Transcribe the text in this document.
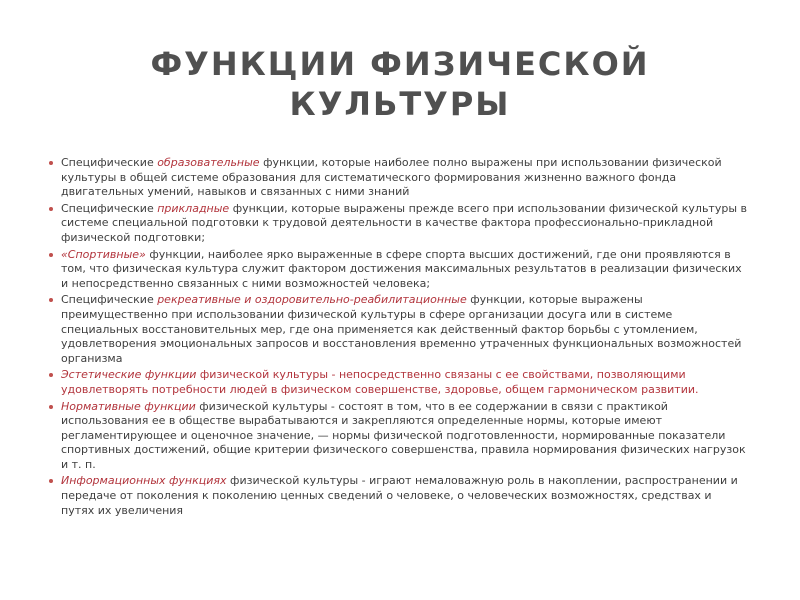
ФУНКЦИИ ФИЗИЧЕСКОЙ
КУЛЬТУРЫ
Специфические образовательные функции, которые наиболее полно выражены при использовании физической культуры в общей системе образования для систематического формирования жизненно важного фонда двигательных умений, навыков и связанных с ними знаний
Специфические прикладные функции, которые выражены прежде всего при использовании физической культуры в системе специальной подготовки к трудовой деятельности в качестве фактора профессионально-прикладной физической подготовки;
«Спортивные» функции, наиболее ярко выраженные в сфере спорта высших достижений, где они проявляются в том, что физическая культура служит фактором достижения максимальных результатов в реализации физических и непосредственно связанных с ними возможностей человека;
Специфические рекреативные и оздоровительно-реабилитационные функции, которые выражены преимущественно при использовании физической культуры в сфере организации досуга или в системе специальных восстановительных мер, где она применяется как действенный фактор борьбы с утомлением, удовлетворения эмоциональных запросов и восстановления временно утраченных функциональных возможностей организма
Эстетические функции физической культуры - непосредственно связаны с ее свойствами, позволяющими удовлетворять потребности людей в физическом совершенстве, здоровье, общем гармоническом развитии.
Нормативные функции физической культуры - состоят в том, что в ее содержании в связи с практикой использования ее в обществе вырабатываются и закрепляются определенные нормы, которые имеют регламентирующее и оценочное значение, — нормы физической подготовленности, нормированные показатели спортивных достижений, общие критерии физического совершенства, правила нормирования физических нагрузок и т. п.
Информационных функциях физической культуры - играют немаловажную роль в накоплении, распространении и передаче от поколения к поколению ценных сведений о человеке, о человеческих возможностях, средствах и путях их увеличения
